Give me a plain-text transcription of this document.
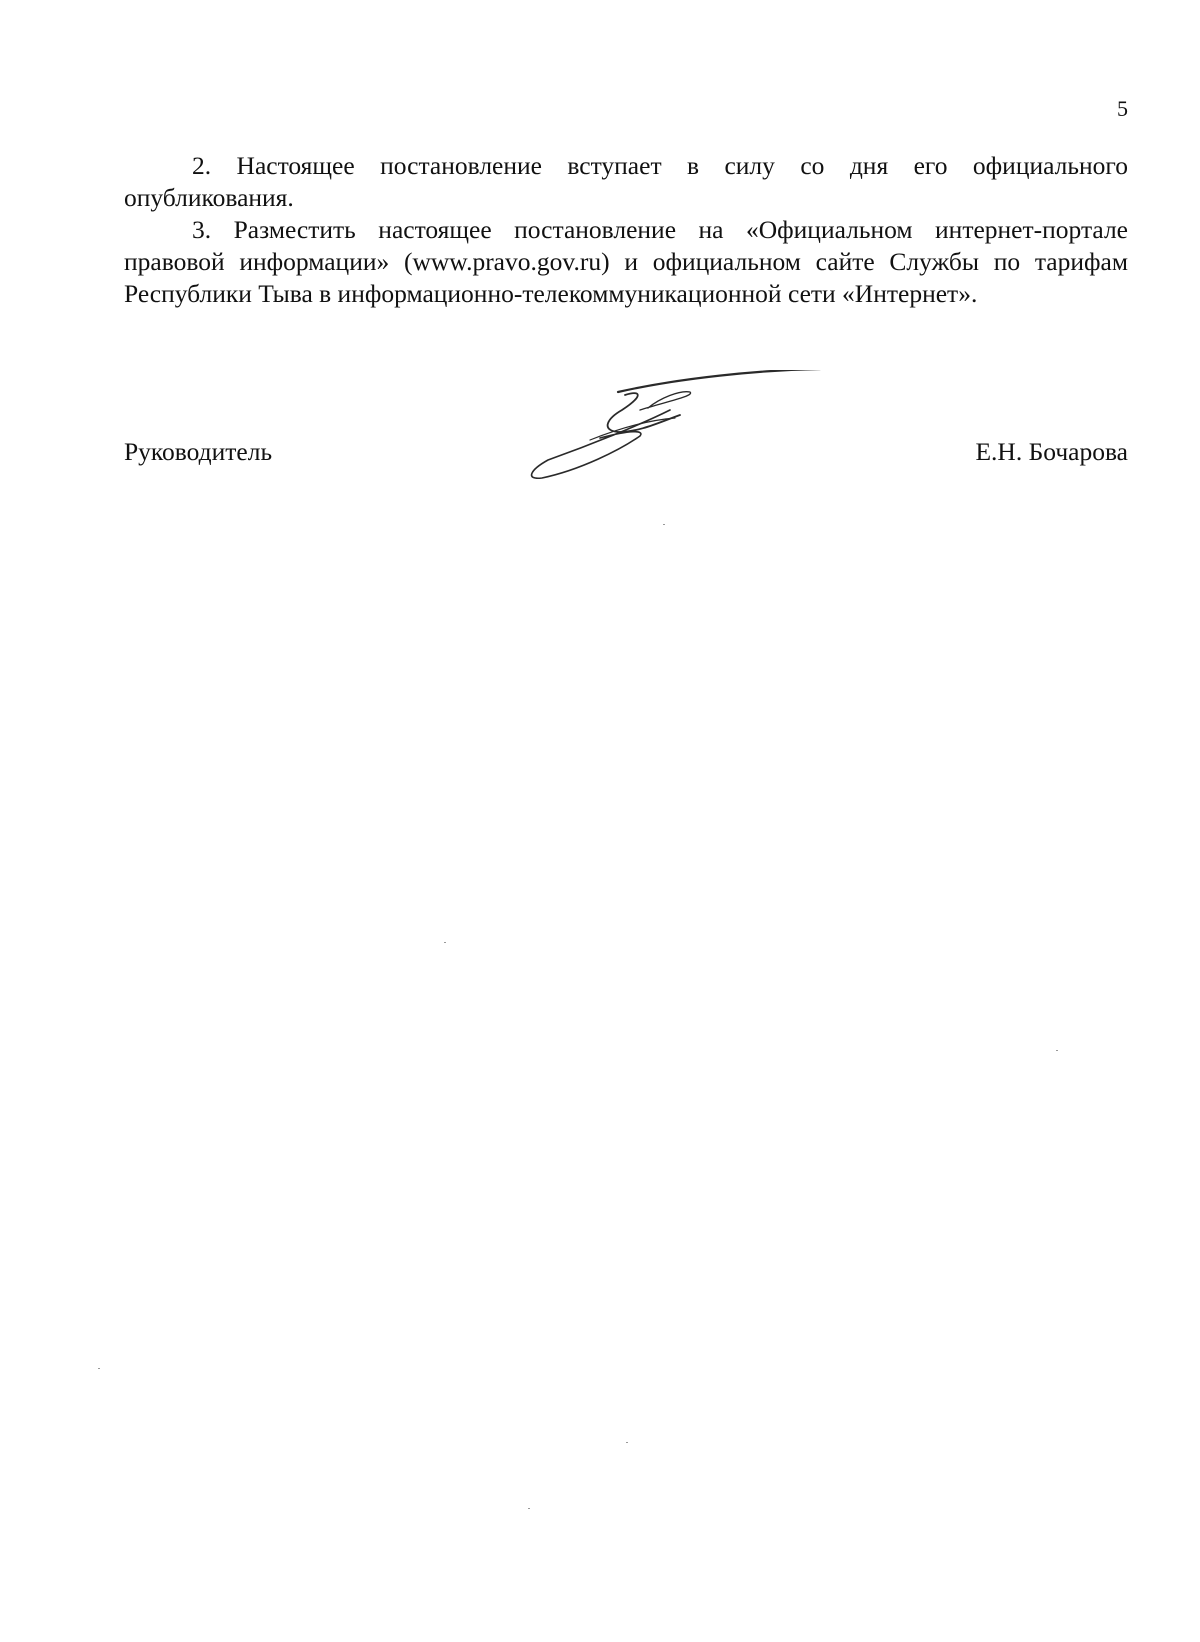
5

2. Настоящее постановление вступает в силу со дня его официального опубликования.

3. Разместить настоящее постановление на «Официальном интернет-портале правовой информации» (www.pravo.gov.ru) и официальном сайте Службы по тарифам Республики Тыва в информационно-телекоммуникационной сети «Интернет».

Руководитель	Е.Н. Бочарова
